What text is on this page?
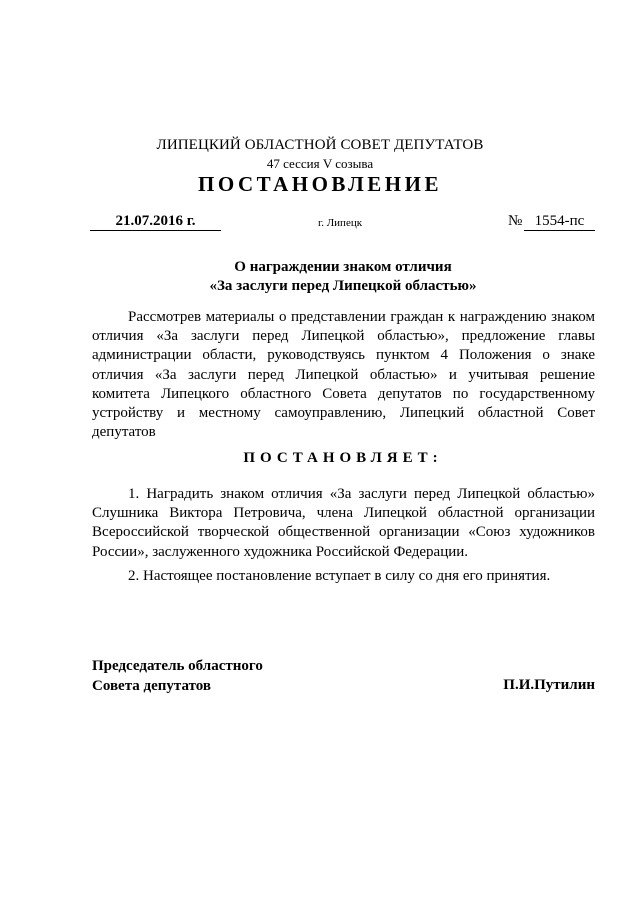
ЛИПЕЦКИЙ ОБЛАСТНОЙ СОВЕТ ДЕПУТАТОВ
47 сессия V созыва
ПОСТАНОВЛЕНИЕ
21.07.2016 г.	г. Липецк	№ 1554-пс
О награждении знаком отличия
«За заслуги перед Липецкой областью»
Рассмотрев материалы о представлении граждан к награждению знаком отличия «За заслуги перед Липецкой областью», предложение главы администрации области, руководствуясь пунктом 4 Положения о знаке отличия «За заслуги перед Липецкой областью» и учитывая решение комитета Липецкого областного Совета депутатов по государственному устройству и местному самоуправлению, Липецкий областной Совет депутатов
ПОСТАНОВЛЯЕТ:
1. Наградить знаком отличия «За заслуги перед Липецкой областью» Слушника Виктора Петровича, члена Липецкой областной организации Всероссийской творческой общественной организации «Союз художников России», заслуженного художника Российской Федерации.
2. Настоящее постановление вступает в силу со дня его принятия.
Председатель областного
Совета депутатов	П.И.Путилин
